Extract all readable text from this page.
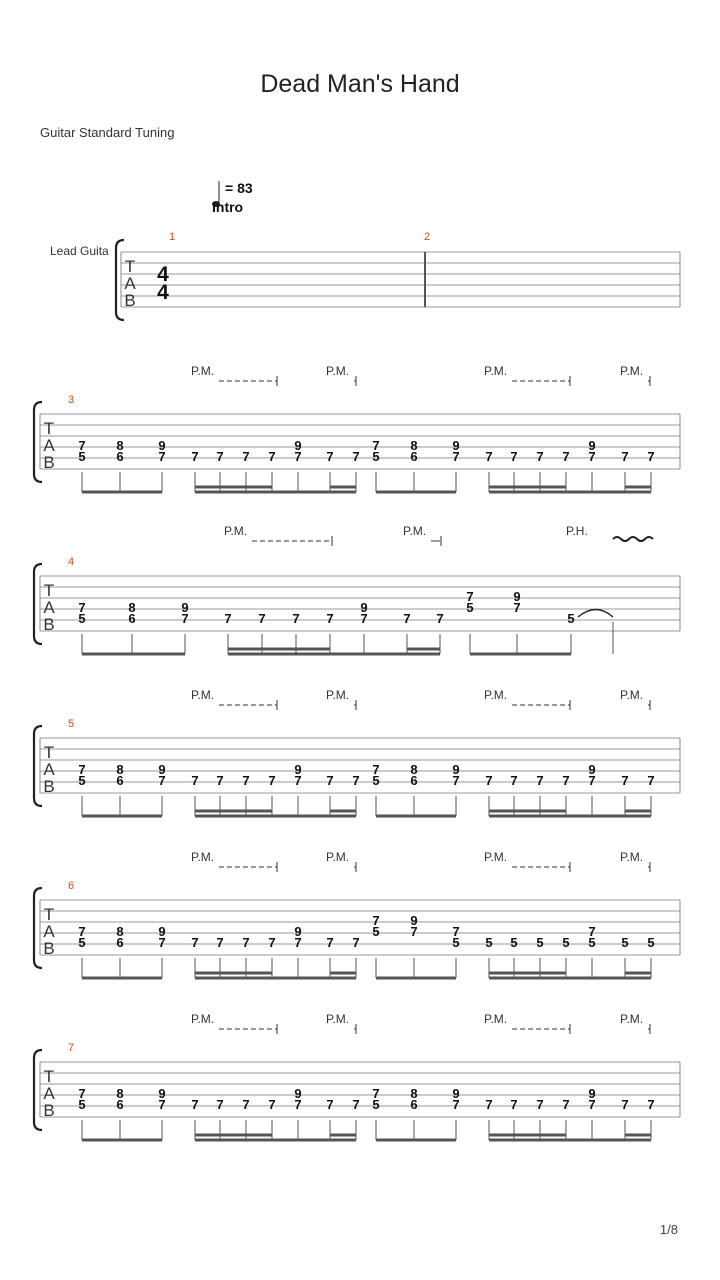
Dead Man's Hand
Guitar Standard Tuning
1/8
= 83
Intro
Lead Guita
T
A
B
1	2
4
4
P.M.	P.M.	P.M.	P.M.
T
A
B
3
7
5
8
6
9
7 7 7 7 7
9
7 7 7
7
5
8
6
9
7 7 7 7 7
9
7 7 7
P.M.	P.M.	P.H.
T
A
B
4
7
5
8
6
9
7	7 7 7 7
9
7	7 7
7
5
9
7
5
P.M.	P.M.	P.M.	P.M.
T
A
B
5
7
5
8
6
9
7 7 7 7 7
9
7 7 7
7
5
8
6
9
7 7 7 7 7
9
7 7 7
P.M.	P.M.	P.M.	P.M.
T
A
B
6
7
5
8
6
9
7 7 7 7 7
9
7 7 7
7 9
5 7	7
5 5 5 5 5
7
5 5 5
P.M.	P.M.	P.M.	P.M.
T
A
B
7
7
5
8
6
9
7 7 7 7 7
9
7 7 7
7
5
8
6
9
7 7 7 7 7
9
7 7 7
